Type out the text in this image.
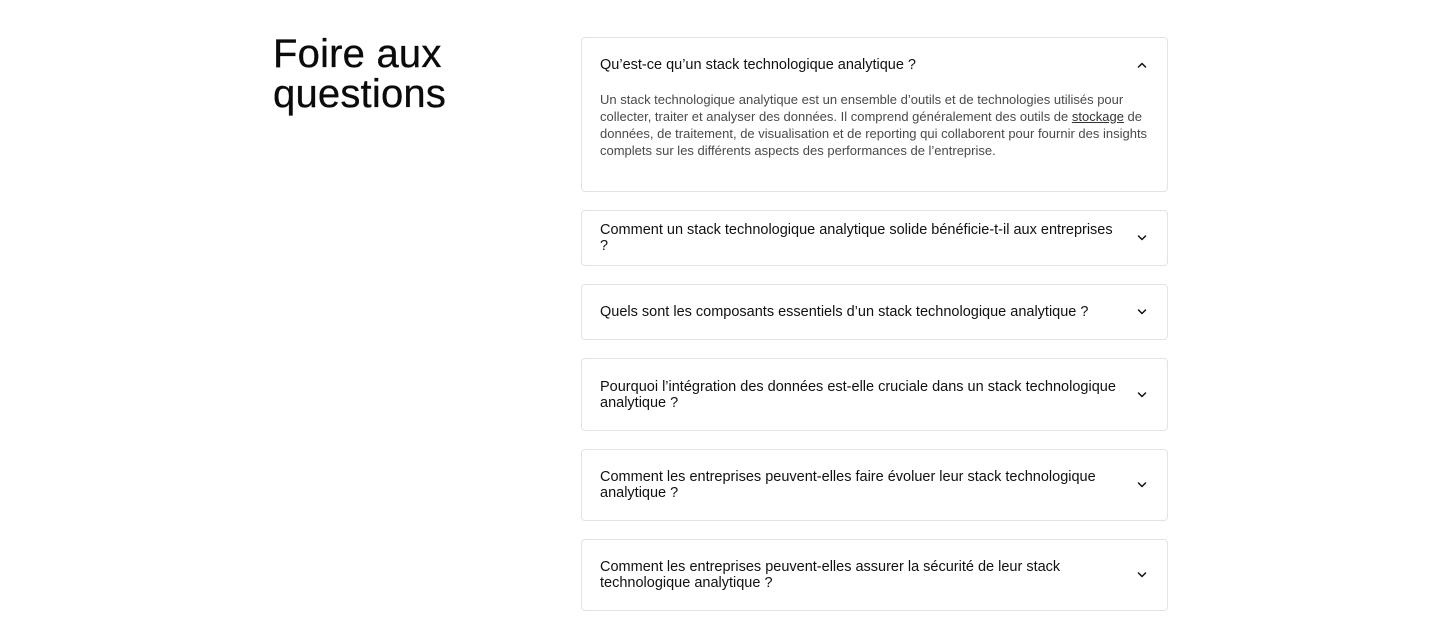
Foire aux
questions
Qu’est-ce qu’un stack technologique analytique ?
Un stack technologique analytique est un ensemble d’outils et de technologies utilisés pour collecter, traiter et analyser des données. Il comprend généralement des outils de stockage de données, de traitement, de visualisation et de reporting qui collaborent pour fournir des insights complets sur les différents aspects des performances de l’entreprise.
Comment un stack technologique analytique solide bénéficie-t-il aux entreprises ?
Quels sont les composants essentiels d’un stack technologique analytique ?
Pourquoi l’intégration des données est-elle cruciale dans un stack technologique analytique ?
Comment les entreprises peuvent-elles faire évoluer leur stack technologique analytique ?
Comment les entreprises peuvent-elles assurer la sécurité de leur stack technologique analytique ?
